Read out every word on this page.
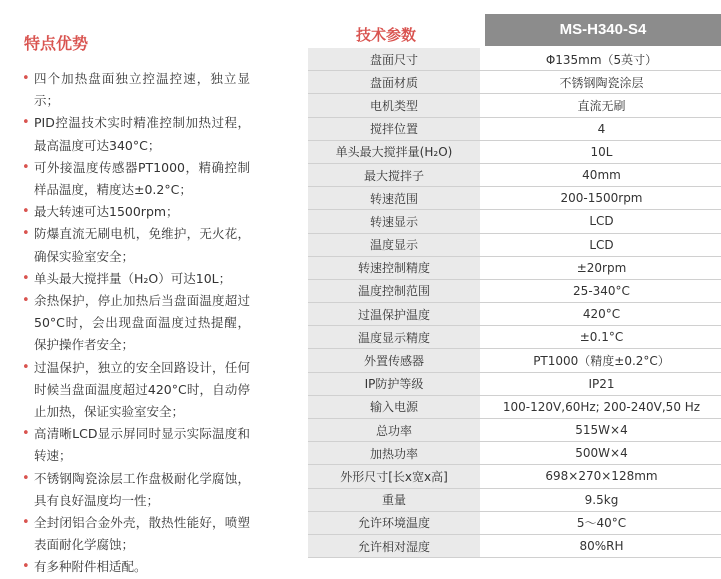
特点优势
• 四个加热盘面独立控温控速，独立显示；
• PID控温技术实时精准控制加热过程，最高温度可达340°C；
• 可外接温度传感器PT1000，精确控制样品温度，精度达±0.2°C；
• 最大转速可达1500rpm；
• 防爆直流无刷电机，免维护，无火花，确保实验室安全；
• 单头最大搅拌量（H₂O）可达10L；
• 余热保护，停止加热后当盘面温度超过50°C时，会出现盘面温度过热提醒，保护操作者安全；
• 过温保护，独立的安全回路设计，任何时候当盘面温度超过420°C时，自动停止加热，保证实验室安全；
• 高清晰LCD显示屏同时显示实际温度和转速；
• 不锈钢陶瓷涂层工作盘极耐化学腐蚀，具有良好温度均一性；
• 全封闭铝合金外壳，散热性能好，喷塑表面耐化学腐蚀；
• 有多种附件相适配。
技术参数	MS-H340-S4
盘面尺寸	Φ135mm（5英寸）
盘面材质	不锈钢陶瓷涂层
电机类型	直流无刷
搅拌位置	4
单头最大搅拌量(H₂O)	10L
最大搅拌子	40mm
转速范围	200-1500rpm
转速显示	LCD
温度显示	LCD
转速控制精度	±20rpm
温度控制范围	25-340°C
过温保护温度	420°C
温度显示精度	±0.1°C
外置传感器	PT1000（精度±0.2°C）
IP防护等级	IP21
输入电源	100-120V,60Hz; 200-240V,50 Hz
总功率	515W×4
加热功率	500W×4
外形尺寸[长x宽x高]	698×270×128mm
重量	9.5kg
允许环境温度	5～40°C
允许相对湿度	80%RH
